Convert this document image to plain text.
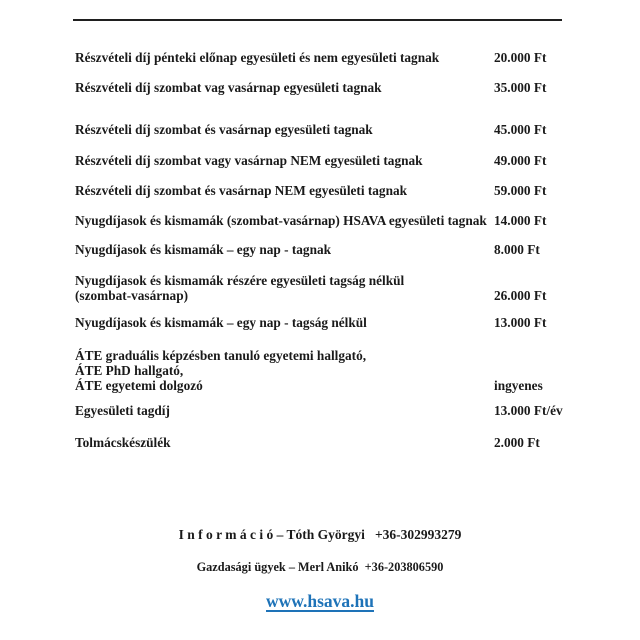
Részvételi díj pénteki előnap egyesületi és nem egyesületi tagnak	20.000 Ft
Részvételi díj szombat vag vasárnap egyesületi tagnak	35.000 Ft
Részvételi díj szombat és vasárnap egyesületi tagnak	45.000 Ft
Részvételi díj szombat vagy vasárnap NEM egyesületi tagnak	49.000 Ft
Részvételi díj szombat és vasárnap NEM egyesületi tagnak	59.000 Ft
Nyugdíjasok és kismamák (szombat-vasárnap) HSAVA egyesületi tagnak 14.000 Ft
Nyugdíjasok és kismamák – egy nap - tagnak	8.000 Ft
Nyugdíjasok és kismamák részére egyesületi tagság nélkül
(szombat-vasárnap)	26.000 Ft
Nyugdíjasok és kismamák – egy nap - tagság nélkül	13.000 Ft
ÁTE graduális képzésben tanuló egyetemi hallgató,
ÁTE PhD hallgató,
ÁTE egyetemi dolgozó	ingyenes
Egyesületi tagdíj	13.000 Ft/év
Tolmácskészülék	2.000 Ft
I n f o r m á c i ó – Tóth Györgyi   +36-302993279
Gazdasági ügyek – Merl Anikó  +36-203806590
www.hsava.hu
